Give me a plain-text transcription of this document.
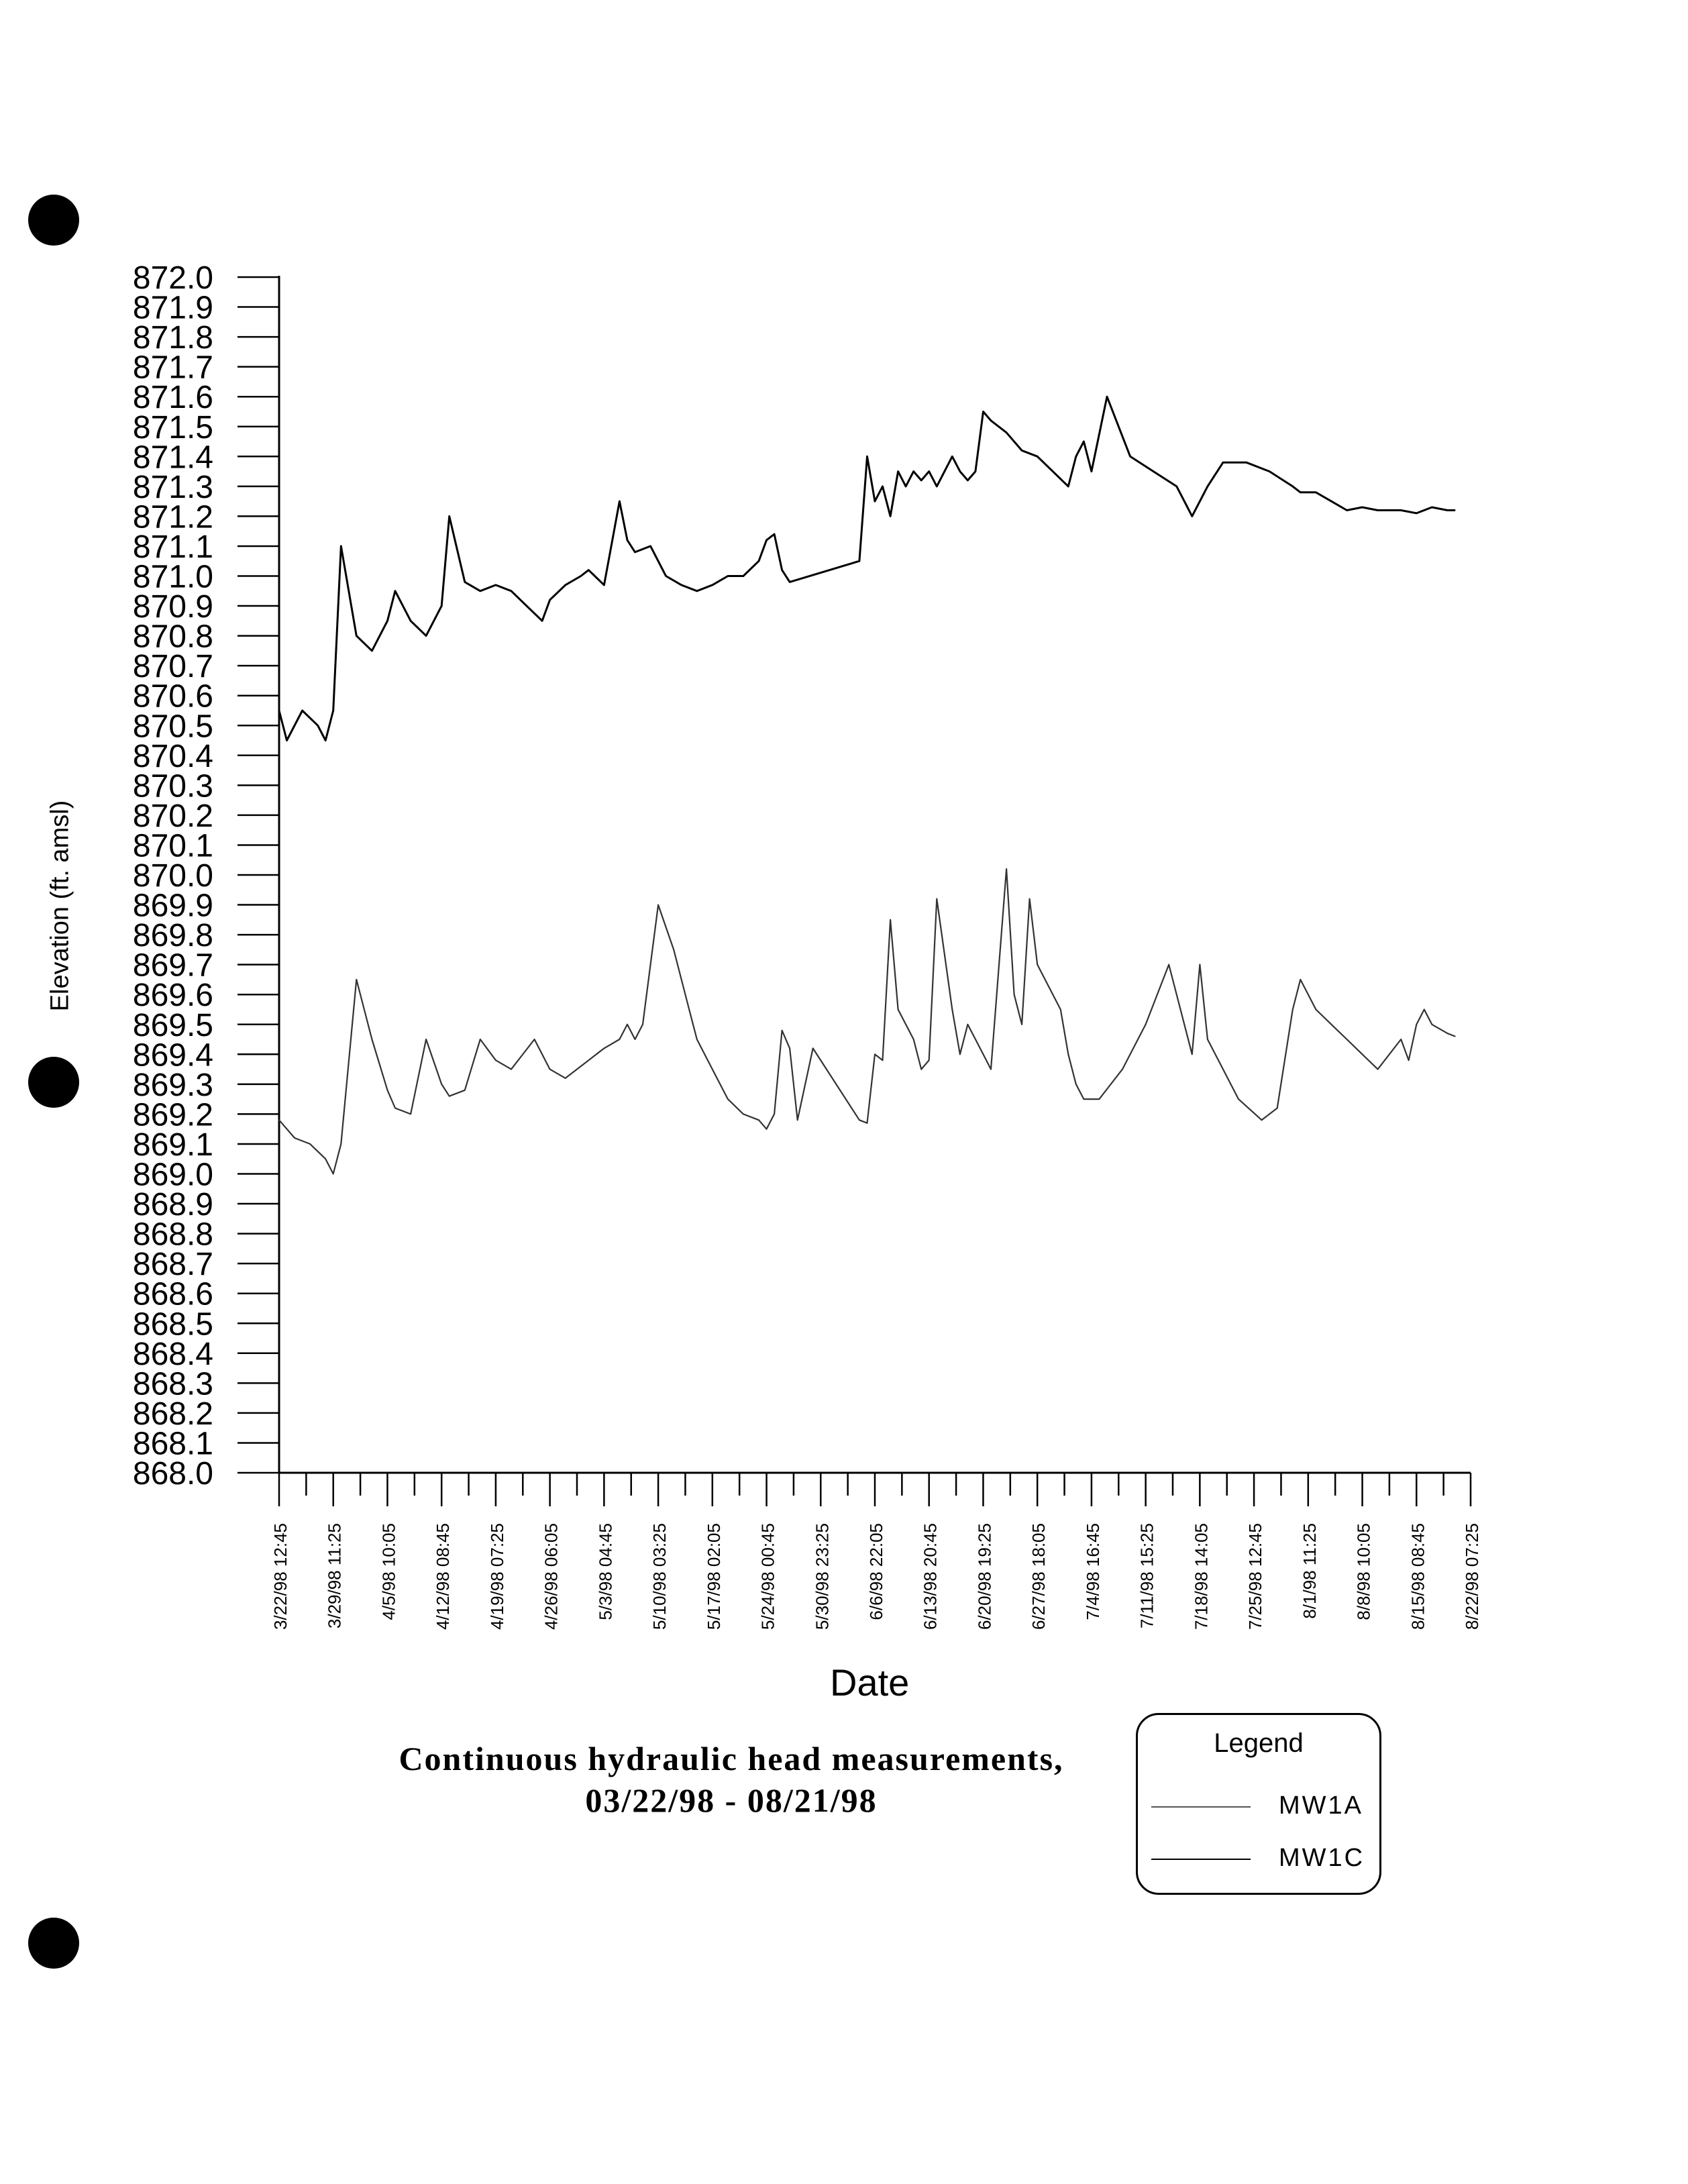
868.0
868.1
868.2
868.3
868.4
868.5
868.6
868.7
868.8
868.9
869.0
869.1
869.2
869.3
869.4
869.5
869.6
869.7
869.8
869.9
870.0
870.1
870.2
870.3
870.4
870.5
870.6
870.7
870.8
870.9
871.0
871.1
871.2
871.3
871.4
871.5
871.6
871.7
871.8
871.9
872.0
3/22/98 12:45 3/29/98 11:25 4/5/98 10:05 4/12/98 08:45 4/19/98 07:25 4/26/98 06:05 5/3/98 04:45 5/10/98 03:25 5/17/98 02:05 5/24/98 00:45 5/30/98 23:25 6/6/98 22:05 6/13/98 20:45 6/20/98 19:25 6/27/98 18:05 7/4/98 16:45 7/11/98 15:25 7/18/98 14:05 7/25/98 12:45 8/1/98 11:25 8/8/98 10:05 8/15/98 08:45 8/22/98 07:25
Elevation (ft. amsl)
Date
Continuous hydraulic head measurements,
03/22/98 - 08/21/98
Legend
MW1A
MW1C
